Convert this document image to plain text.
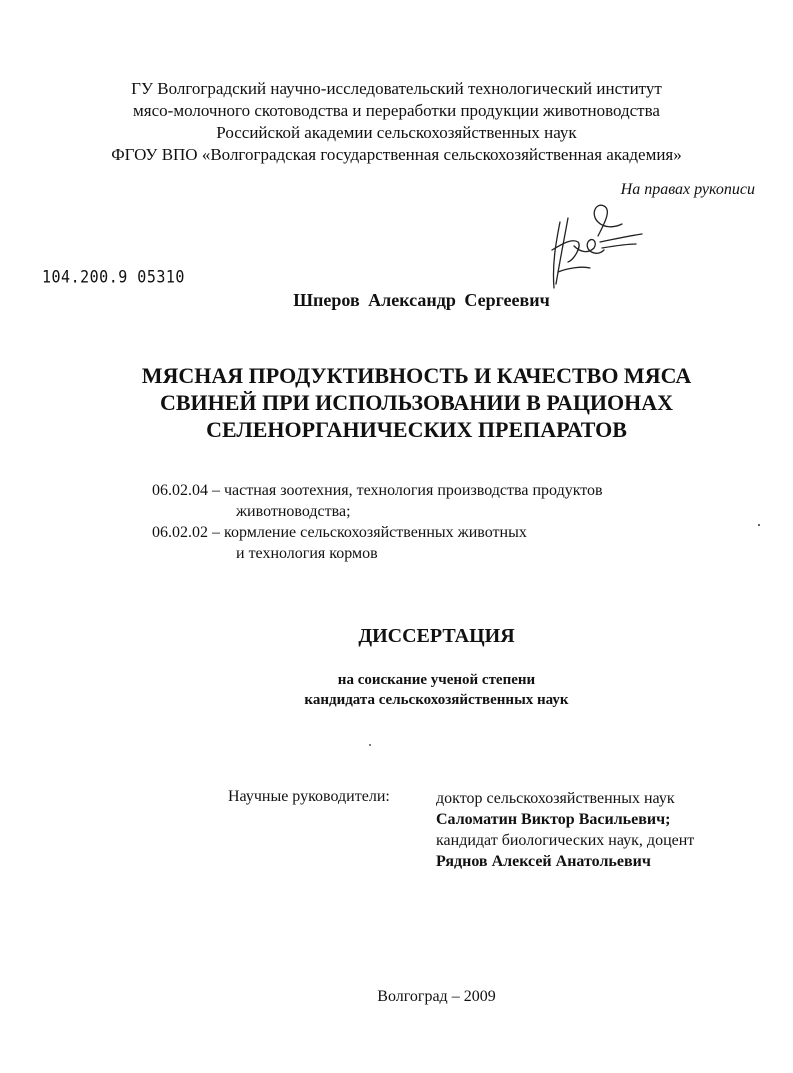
ГУ Волгоградский научно-исследовательский технологический институт
мясо-молочного скотоводства и переработки продукции животноводства
Российской академии сельскохозяйственных наук
ФГОУ ВПО «Волгоградская государственная сельскохозяйственная академия»
На правах рукописи
104.200.9 05310
Шперов Александр Сергеевич
МЯСНАЯ ПРОДУКТИВНОСТЬ И КАЧЕСТВО МЯСА
СВИНЕЙ ПРИ ИСПОЛЬЗОВАНИИ В РАЦИОНАХ
СЕЛЕНОРГАНИЧЕСКИХ ПРЕПАРАТОВ
06.02.04 – частная зоотехния, технология производства продуктов
животноводства;
06.02.02 – кормление сельскохозяйственных животных
и технология кормов
ДИССЕРТАЦИЯ
на соискание ученой степени
кандидата сельскохозяйственных наук
Научные руководители:	доктор сельскохозяйственных наук
Саломатин Виктор Васильевич;
кандидат биологических наук, доцент
Ряднов Алексей Анатольевич
Волгоград – 2009
